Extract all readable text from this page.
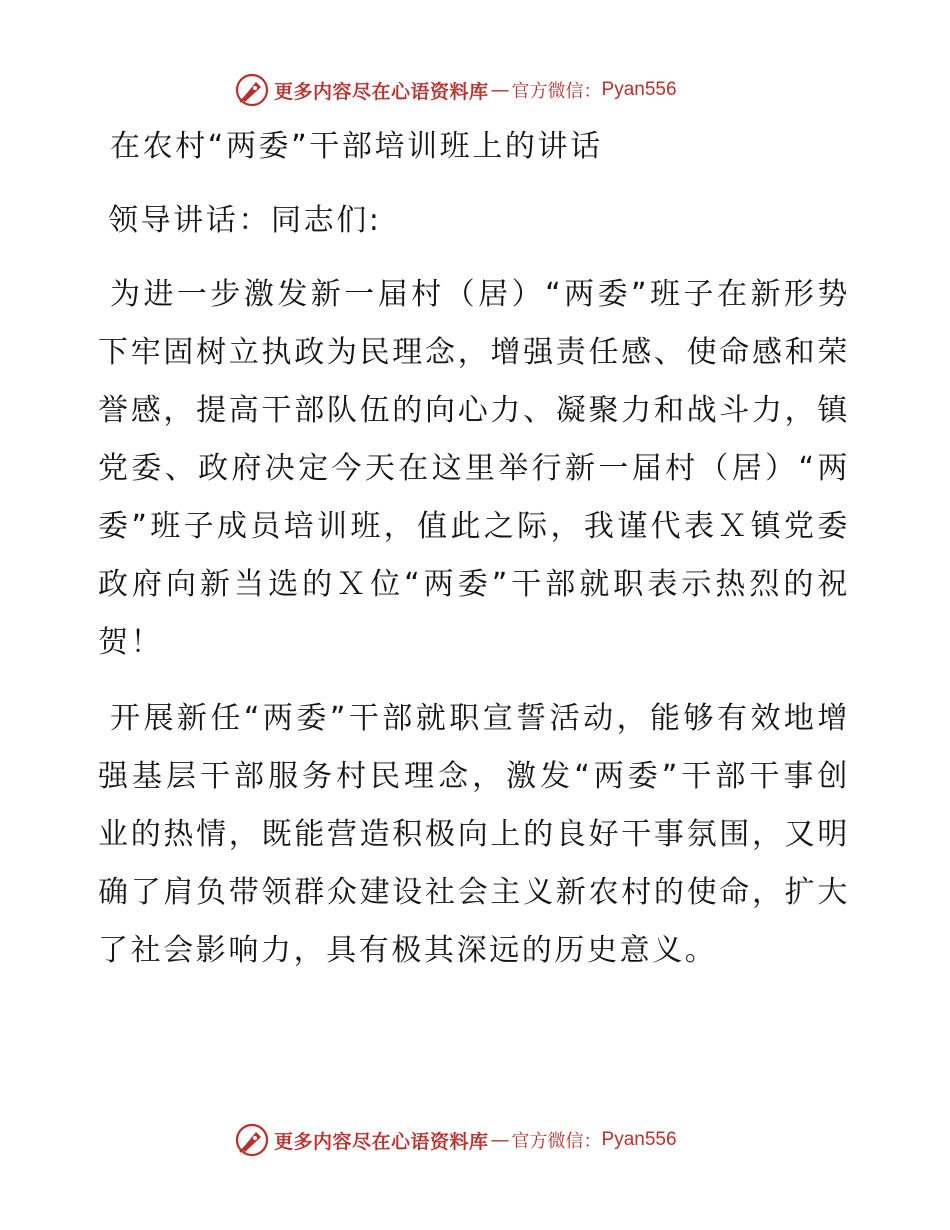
更多内容尽在心语资料库 — 官方微信： Pyan556
在农村“两委”干部培训班上的讲话
领导讲话：同志们:
为进一步激发新一届村（居）“两委”班子在新形势下牢固树立执政为民理念，增强责任感、使命感和荣誉感，提高干部队伍的向心力、凝聚力和战斗力，镇党委、政府决定今天在这里举行新一届村（居）“两委”班子成员培训班，值此之际，我谨代表Ｘ镇党委政府向新当选的Ｘ位“两委”干部就职表示热烈的祝贺！
开展新任“两委”干部就职宣誓活动，能够有效地增强基层干部服务村民理念，激发“两委”干部干事创业的热情，既能营造积极向上的良好干事氛围，又明确了肩负带领群众建设社会主义新农村的使命，扩大了社会影响力，具有极其深远的历史意义。
更多内容尽在心语资料库 — 官方微信： Pyan556
